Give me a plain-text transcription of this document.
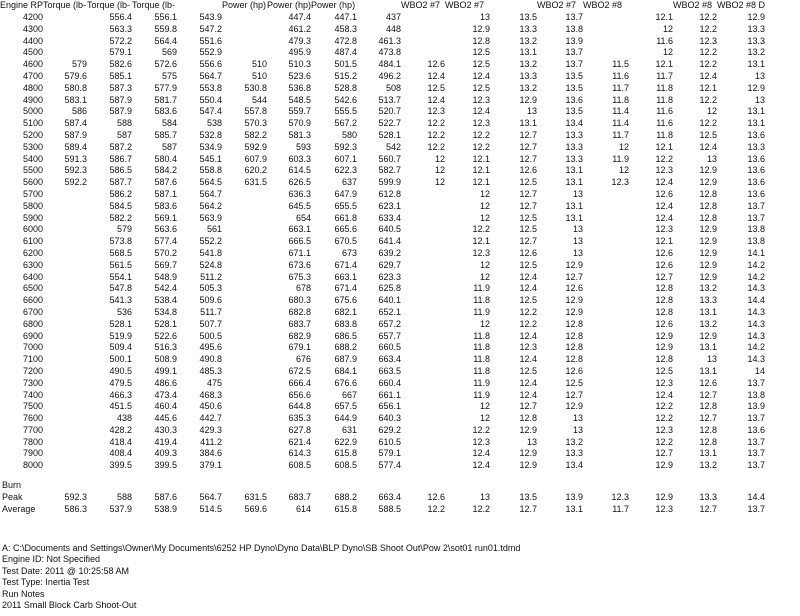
Engine RP	Torque (lb-	Torque (lb-	Torque (lb-		Power (hp)	Power (hp)	Power (hp)		WBO2 #7	WBO2 #7		WBO2 #7	WBO2 #8		WBO2 #8	WBO2 #8 D
4200		556.4	556.1	543.9		447.4	447.1	437		13	13.5	13.7		12.1	12.2	12.9
4300		563.3	559.8	547.2		461.2	458.3	448		12.9	13.3	13.8		12	12.2	13.3
4400		572.2	564.4	551.6		479.3	472.8	461.3		12.8	13.2	13.9		11.6	12.3	13.3
4500		579.1	569	552.9		495.9	487.4	473.8		12.5	13.1	13.7		12	12.2	13.2
4600	579	582.6	572.6	556.6	510	510.3	501.5	484.1	12.6	12.5	13.2	13.7	11.5	12.1	12.2	13.1
4700	579.6	585.1	575	564.7	510	523.6	515.2	496.2	12.4	12.4	13.3	13.5	11.6	11.7	12.4	13
4800	580.8	587.3	577.9	553.8	530.8	536.8	528.8	508	12.5	12.5	13.2	13.5	11.7	11.8	12.1	12.9
4900	583.1	587.9	581.7	550.4	544	548.5	542.6	513.7	12.4	12.3	12.9	13.6	11.8	11.8	12.2	13
5000	586	587.9	583.6	547.4	557.8	559.7	555.5	520.7	12.3	12.4	13	13.5	11.4	11.6	12	13.1
5100	587.4	588	584	538	570.3	570.9	567.2	522.7	12.2	12.3	13.1	13.4	11.4	11.6	12.2	13.1
5200	587.9	587	585.7	532.8	582.2	581.3	580	528.1	12.2	12.2	12.7	13.3	11.7	11.8	12.5	13.6
5300	589.4	587.2	587	534.9	592.9	593	592.3	542	12.2	12.2	12.7	13.3	12	12.1	12.4	13.3
5400	591.3	586.7	580.4	545.1	607.9	603.3	607.1	560.7	12	12.1	12.7	13.3	11.9	12.2	13	13.6
5500	592.3	586.5	584.2	558.8	620.2	614.5	622.3	582.7	12	12.1	12.6	13.1	12	12.3	12.9	13.6
5600	592.2	587.7	587.6	564.5	631.5	626.5	637	599.9	12	12.1	12.5	13.1	12.3	12.4	12.9	13.6
5700		586.2	587.1	564.7		636.3	647.9	612.8		12	12.7	13		12.6	12.8	13.6
5800		584.5	583.6	564.2		645.5	655.5	623.1		12	12.7	13.1		12.4	12.8	13.7
5900		582.2	569.1	563.9		654	661.8	633.4		12	12.5	13.1		12.4	12.8	13.7
6000		579	563.6	561		663.1	665.6	640.5		12.2	12.5	13		12.3	12.9	13.8
6100		573.8	577.4	552.2		666.5	670.5	641.4		12.1	12.7	13		12.1	12.9	13.8
6200		568.5	570.2	541.8		671.1	673	639.2		12.3	12.6	13		12.6	12.9	14.1
6300		561.5	569.7	524.8		673.6	671.4	629.7		12	12.5	12.9		12.6	12.9	14.2
6400		554.1	548.9	511.2		675.3	663.1	623.3		12	12.4	12.7		12.7	12.9	14.2
6500		547.8	542.4	505.3		678	671.4	625.8		11.9	12.4	12.6		12.8	13.2	14.3
6600		541.3	538.4	509.6		680.3	675.6	640.1		11.8	12.5	12.9		12.8	13.3	14.4
6700		536	534.8	511.7		682.8	682.1	652.1		11.9	12.2	12.9		12.8	13.1	14.3
6800		528.1	528.1	507.7		683.7	683.8	657.2		12	12.2	12.8		12.6	13.2	14.3
6900		519.9	522.6	500.5		682.9	686.5	657.7		11.8	12.4	12.8		12.9	12.9	14.3
7000		509.4	516.3	495.6		679.1	688.2	660.5		11.8	12.3	12.8		12.9	13.1	14.2
7100		500.1	508.9	490.8		676	687.9	663.4		11.8	12.4	12.8		12.8	13	14.3
7200		490.5	499.1	485.3		672.5	684.1	663.5		11.8	12.5	12.6		12.5	13.1	14
7300		479.5	486.6	475		666.4	676.6	660.4		11.9	12.4	12.5		12.3	12.6	13.7
7400		466.3	473.4	468.3		656.6	667	661.1		11.9	12.4	12.7		12.4	12.7	13.8
7500		451.5	460.4	450.6		644.8	657.5	656.1		12	12.7	12.9		12.2	12.8	13.9
7600		438	445.6	442.7		635.3	644.9	640.3		12	12.8	13		12.2	12.7	13.7
7700		428.2	430.3	429.3		627.8	631	629.2		12.2	12.9	13		12.3	12.8	13.6
7800		418.4	419.4	411.2		621.4	622.9	610.5		12.3	13	13.2		12.2	12.8	13.7
7900		408.4	409.3	384.6		614.3	615.8	579.1		12.4	12.9	13.3		12.7	13.1	13.7
8000		399.5	399.5	379.1		608.5	608.5	577.4		12.4	12.9	13.4		12.9	13.2	13.7

Burn																
Peak	592.3	588	587.6	564.7	631.5	683.7	688.2	663.4	12.6	13	13.5	13.9	12.3	12.9	13.3	14.4
Average	586.3	537.9	538.9	514.5	569.6	614	615.8	588.5	12.2	12.2	12.7	13.1	11.7	12.3	12.7	13.7
A: C:\Documents and Settings\Owner\My Documents\6252 HP Dyno\Dyno Data\BLP Dyno\SB Shoot Out\Pow 2\sot01 run01.tdmd
Engine ID: Not Specified
Test Date: 2011 @ 10:25:58 AM
Test Type: Inertia Test
Run Notes
2011 Small Block Carb Shoot-Out
